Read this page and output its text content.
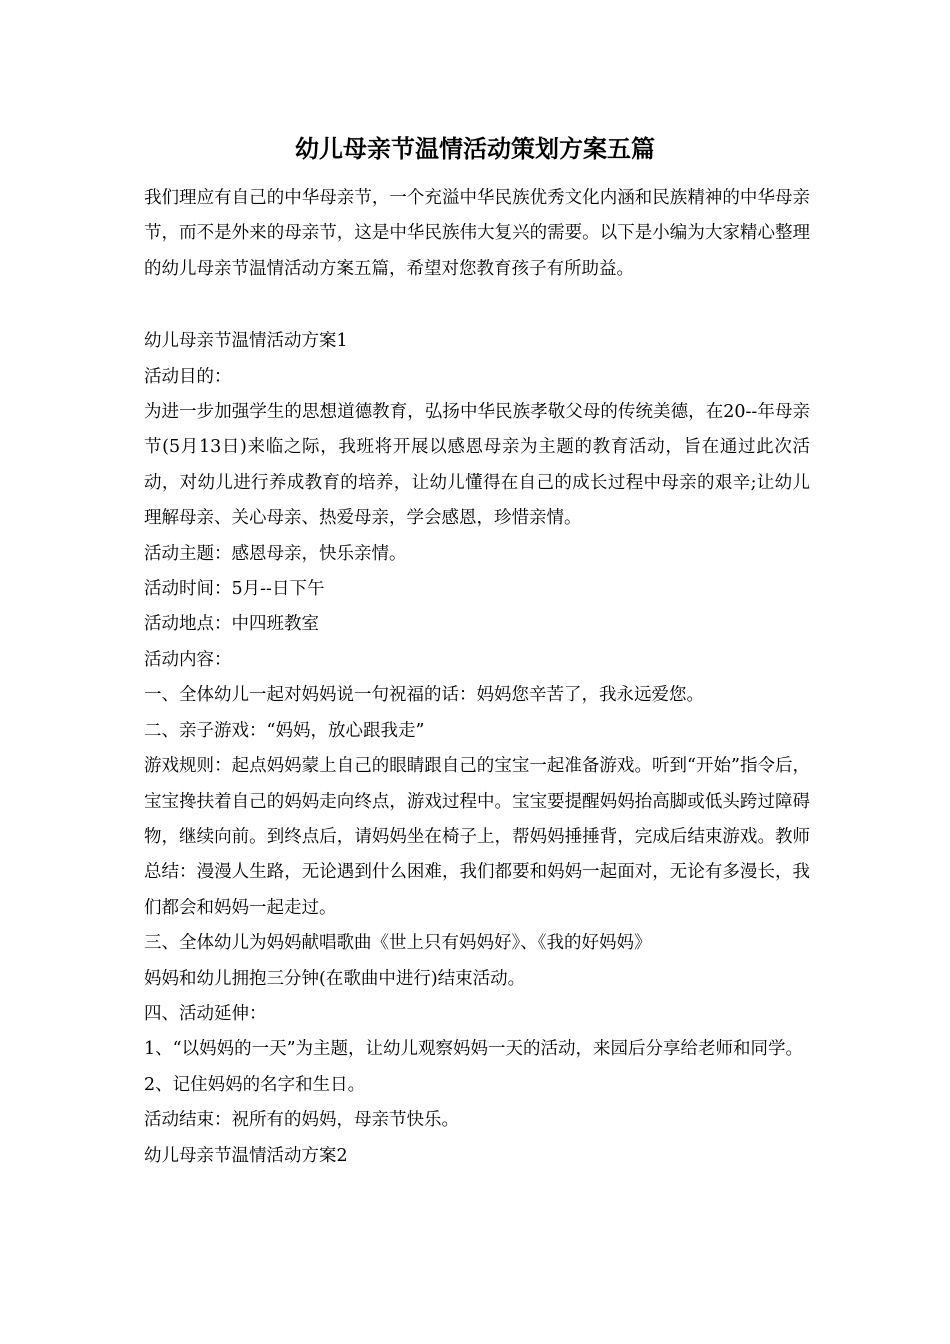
幼儿母亲节温情活动策划方案五篇

我们理应有自己的中华母亲节，一个充溢中华民族优秀文化内涵和民族精神的中华母亲节，而不是外来的母亲节，这是中华民族伟大复兴的需要。以下是小编为大家精心整理的幼儿母亲节温情活动方案五篇，希望对您教育孩子有所助益。

幼儿母亲节温情活动方案1

活动目的：

为进一步加强学生的思想道德教育，弘扬中华民族孝敬父母的传统美德，在20--年母亲节(5月13日)来临之际，我班将开展以感恩母亲为主题的教育活动，旨在通过此次活动，对幼儿进行养成教育的培养，让幼儿懂得在自己的成长过程中母亲的艰辛;让幼儿理解母亲、关心母亲、热爱母亲，学会感恩，珍惜亲情。

活动主题：感恩母亲，快乐亲情。

活动时间：5月--日下午

活动地点：中四班教室

活动内容：

一、全体幼儿一起对妈妈说一句祝福的话：妈妈您辛苦了，我永远爱您。

二、亲子游戏：“妈妈，放心跟我走”

游戏规则：起点妈妈蒙上自己的眼睛跟自己的宝宝一起准备游戏。听到“开始”指令后，宝宝搀扶着自己的妈妈走向终点，游戏过程中。宝宝要提醒妈妈抬高脚或低头跨过障碍物，继续向前。到终点后，请妈妈坐在椅子上，帮妈妈捶捶背，完成后结束游戏。教师总结：漫漫人生路，无论遇到什么困难，我们都要和妈妈一起面对，无论有多漫长，我们都会和妈妈一起走过。

三、全体幼儿为妈妈献唱歌曲《世上只有妈妈好》、《我的好妈妈》

妈妈和幼儿拥抱三分钟(在歌曲中进行)结束活动。

四、活动延伸：

1、“以妈妈的一天”为主题，让幼儿观察妈妈一天的活动，来园后分享给老师和同学。

2、记住妈妈的名字和生日。

活动结束：祝所有的妈妈，母亲节快乐。

幼儿母亲节温情活动方案2
